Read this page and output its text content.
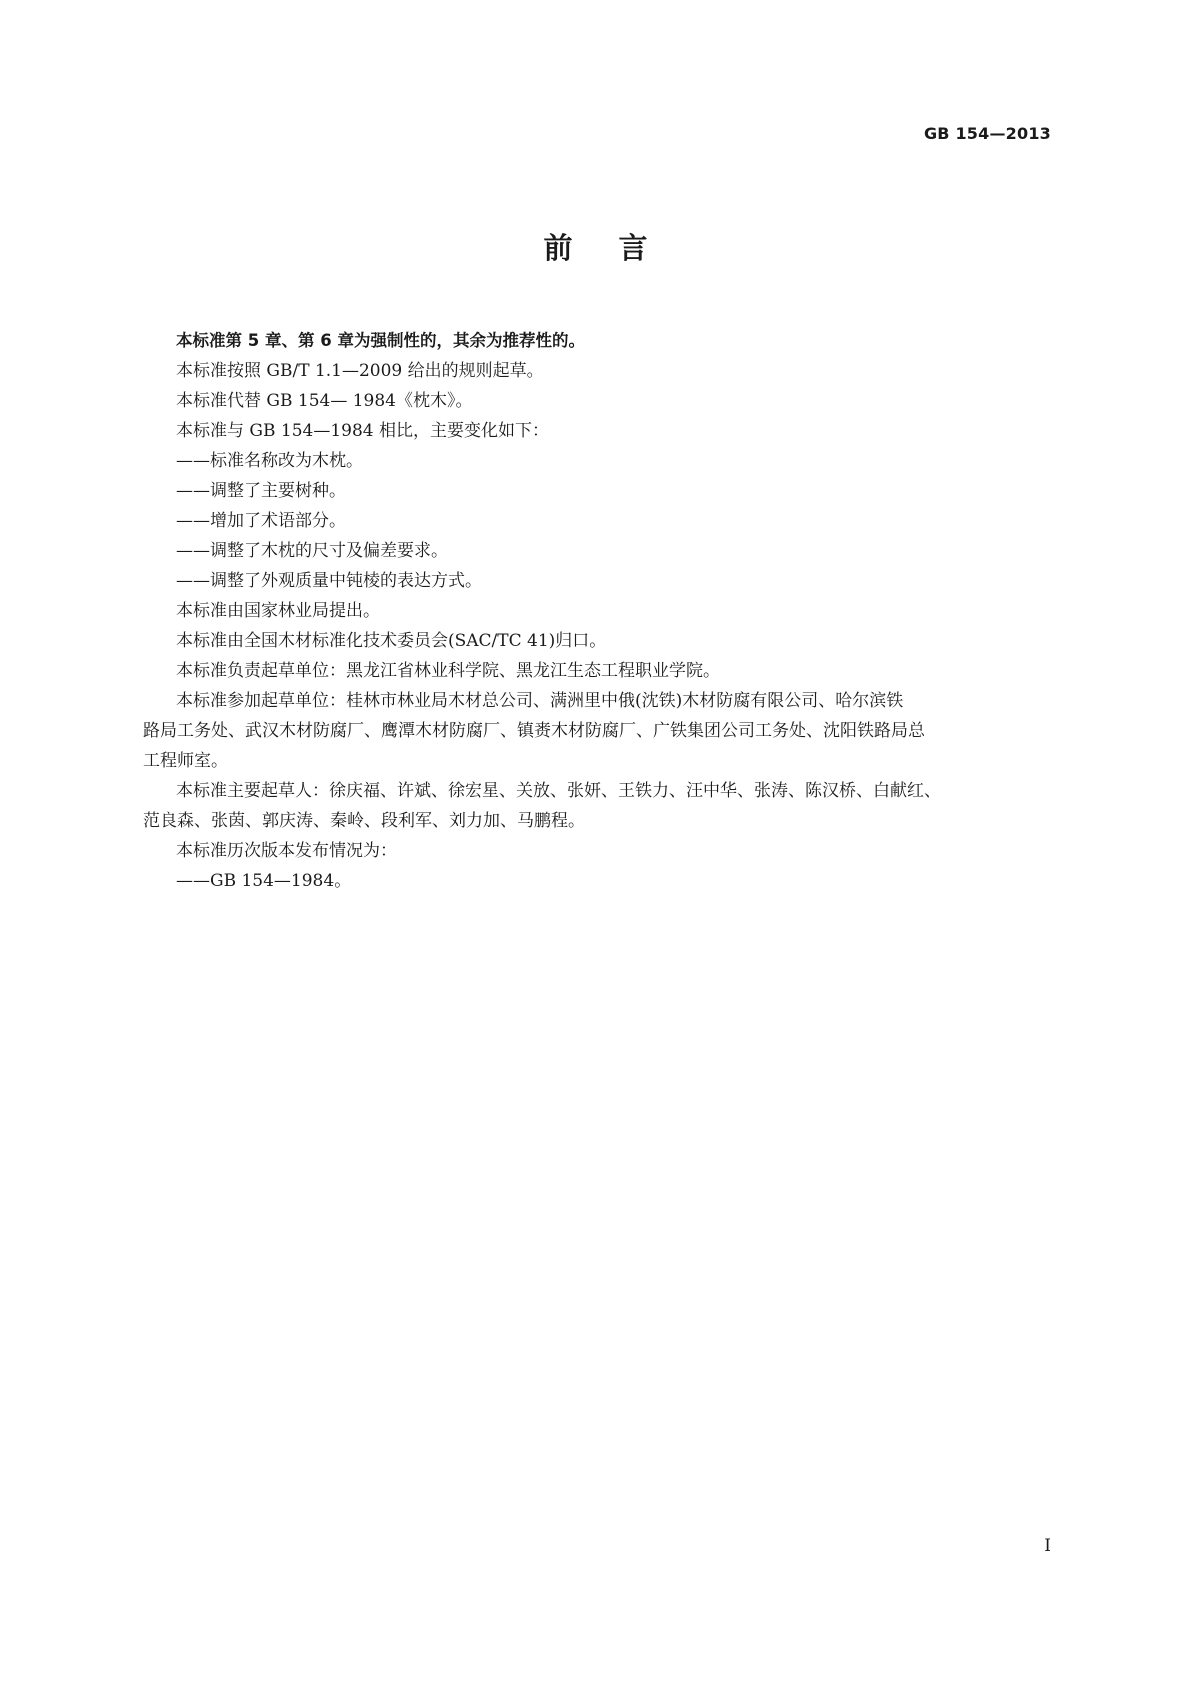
GB 154—2013
前言

本标准第 5 章、第 6 章为强制性的，其余为推荐性的。

本标准按照 GB/T 1.1—2009 给出的规则起草。

本标准代替 GB 154— 1984《枕木》。

本标准与 GB 154—1984 相比，主要变化如下：

——标准名称改为木枕。

——调整了主要树种。

——增加了术语部分。

——调整了木枕的尺寸及偏差要求。

——调整了外观质量中钝棱的表达方式。

本标准由国家林业局提出。

本标准由全国木材标准化技术委员会(SAC/TC 41)归口。

本标准负责起草单位：黑龙江省林业科学院、黑龙江生态工程职业学院。

本标准参加起草单位：桂林市林业局木材总公司、满洲里中俄(沈铁)木材防腐有限公司、哈尔滨铁

路局工务处、武汉木材防腐厂、鹰潭木材防腐厂、镇赉木材防腐厂、广铁集团公司工务处、沈阳铁路局总

工程师室。

本标准主要起草人：徐庆福、许斌、徐宏星、关放、张妍、王铁力、汪中华、张涛、陈汉桥、白献红、

范良森、张茵、郭庆涛、秦岭、段利军、刘力加、马鹏程。

本标准历次版本发布情况为：

——GB 154—1984。

I
